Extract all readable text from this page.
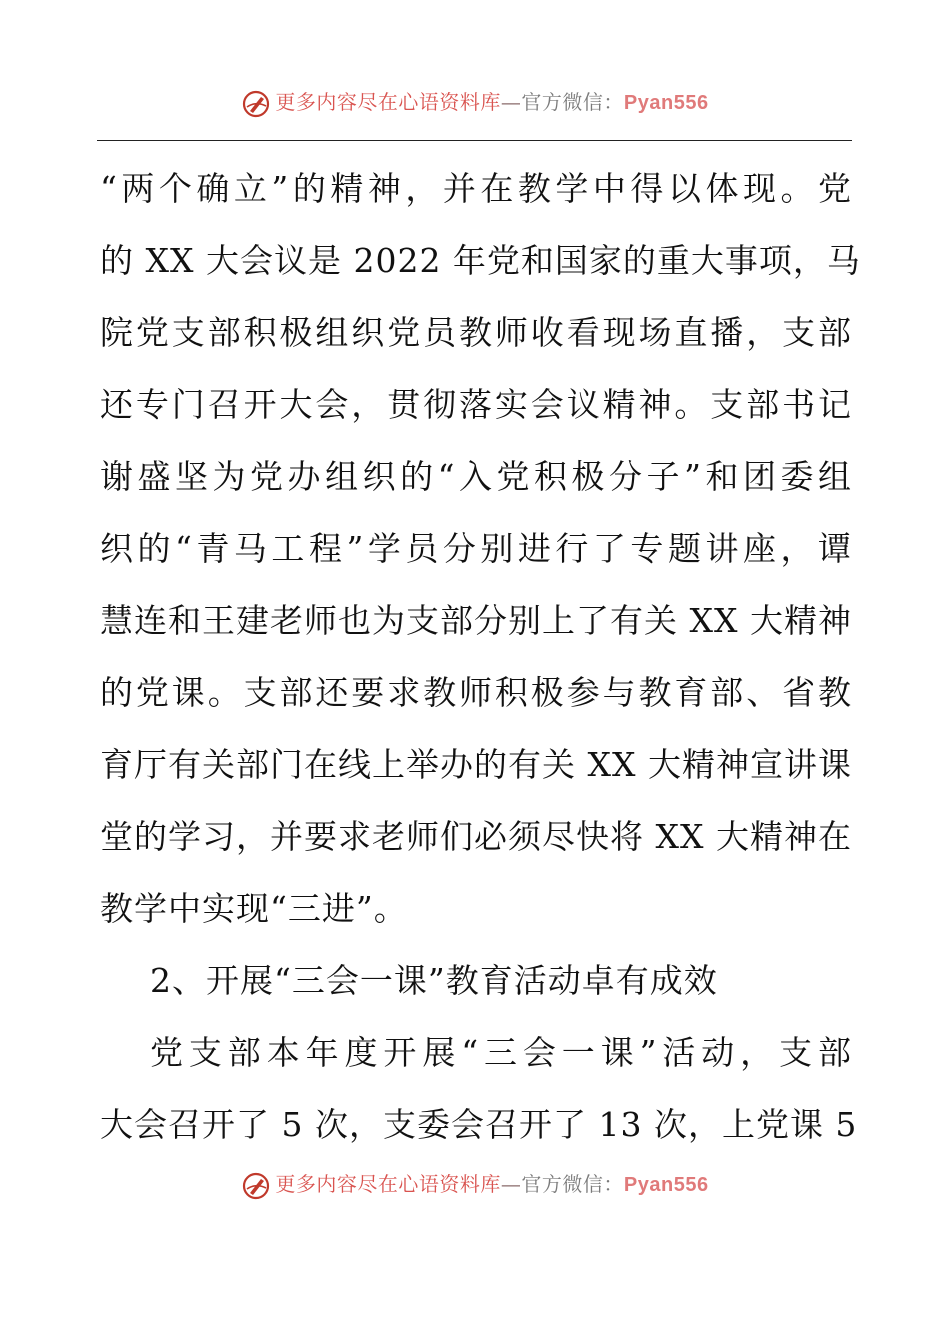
更多内容尽在心语资料库—官方微信：Pyan556
“两个确立”的精神，并在教学中得以体现。党
的 XX 大会议是 2022 年党和国家的重大事项，马
院党支部积极组织党员教师收看现场直播，支部
还专门召开大会，贯彻落实会议精神。支部书记
谢盛坚为党办组织的“入党积极分子”和团委组
织的“青马工程”学员分别进行了专题讲座，谭
慧连和王建老师也为支部分别上了有关 XX 大精神
的党课。支部还要求教师积极参与教育部、省教
育厅有关部门在线上举办的有关 XX 大精神宣讲课
堂的学习，并要求老师们必须尽快将 XX 大精神在
教学中实现“三进”。
2、开展“三会一课”教育活动卓有成效
党支部本年度开展“三会一课”活动，支部
大会召开了 5 次，支委会召开了 13 次，上党课 5
更多内容尽在心语资料库—官方微信：Pyan556
